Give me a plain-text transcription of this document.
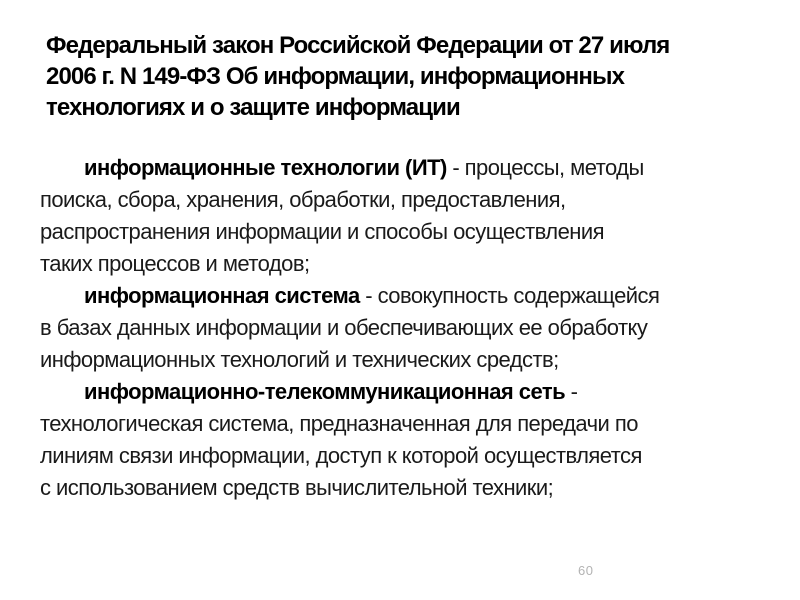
Федеральный закон Российской Федерации от 27 июля
2006 г. N 149-ФЗ Об информации, информационных
технологиях и о защите информации

информационные технологии (ИТ) - процессы, методы
поиска, сбора, хранения, обработки, предоставления,
распространения информации и способы осуществления
таких процессов и методов;

информационная система - совокупность содержащейся
в базах данных информации и обеспечивающих ее обработку
информационных технологий и технических средств;

информационно-телекоммуникационная сеть -
технологическая система, предназначенная для передачи по
линиям связи информации, доступ к которой осуществляется
с использованием средств вычислительной техники;

60
